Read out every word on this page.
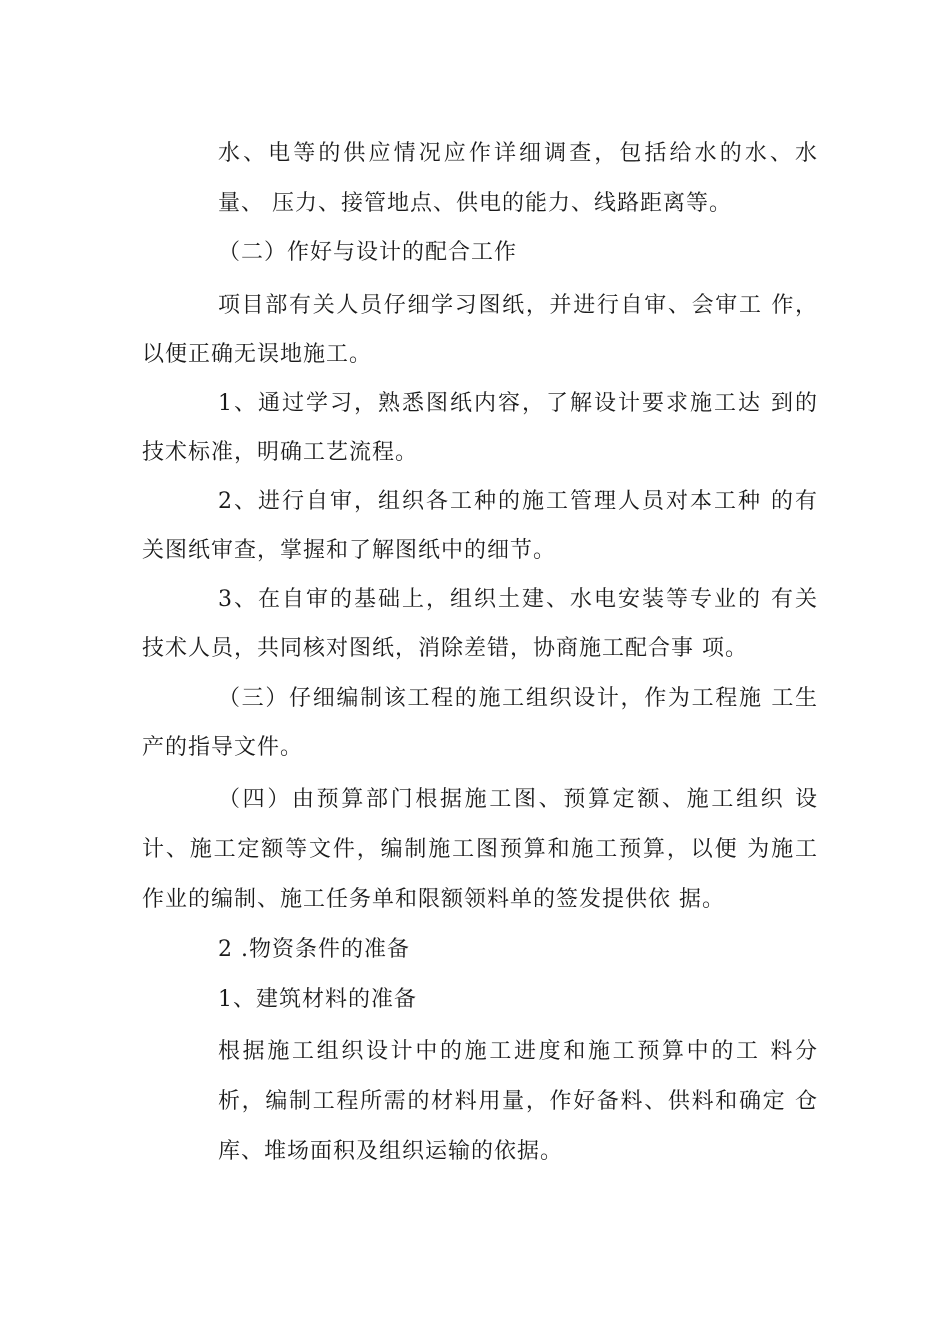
水、电等的供应情况应作详细调查，包括给水的水、水
量、 压力、接管地点、供电的能力、线路距离等。
（二）作好与设计的配合工作
项目部有关人员仔细学习图纸，并进行自审、会审工 作，
以便正确无误地施工。
1、通过学习，熟悉图纸内容，了解设计要求施工达 到的
技术标准，明确工艺流程。
2、进行自审，组织各工种的施工管理人员对本工种 的有
关图纸审查，掌握和了解图纸中的细节。
3、在自审的基础上，组织土建、水电安装等专业的 有关
技术人员，共同核对图纸，消除差错，协商施工配合事 项。
（三）仔细编制该工程的施工组织设计，作为工程施 工生
产的指导文件。
（四）由预算部门根据施工图、预算定额、施工组织 设
计、施工定额等文件，编制施工图预算和施工预算，以便 为施工
作业的编制、施工任务单和限额领料单的签发提供依 据。
2 .物资条件的准备
1、建筑材料的准备
根据施工组织设计中的施工进度和施工预算中的工 料分
析，编制工程所需的材料用量，作好备料、供料和确定 仓
库、堆场面积及组织运输的依据。
